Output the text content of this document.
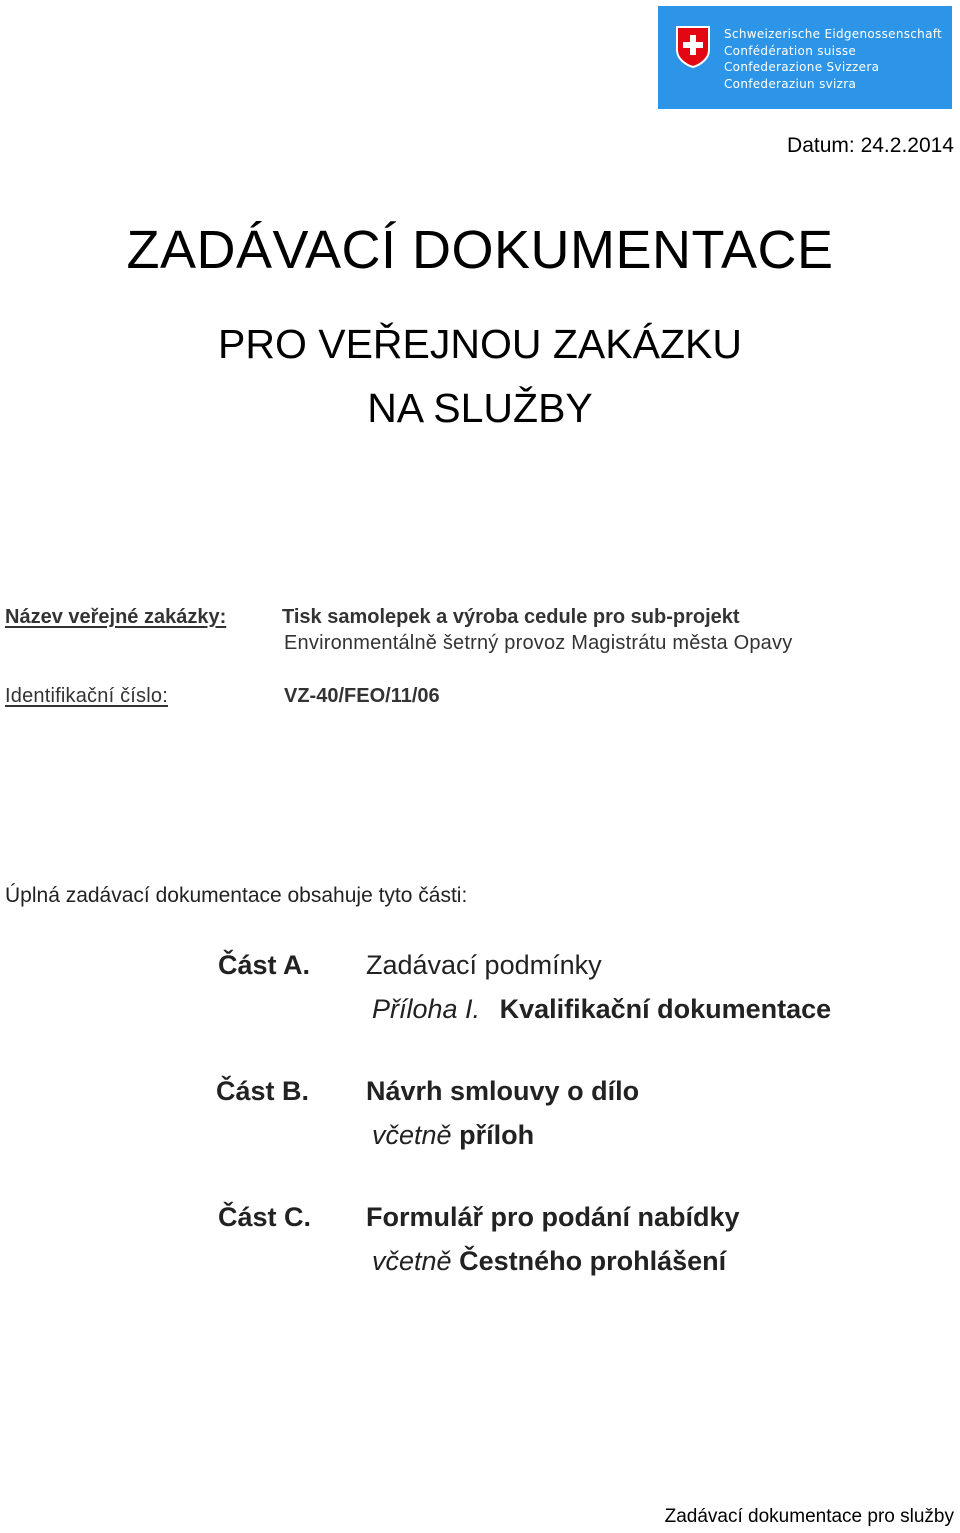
Schweizerische Eidgenossenschaft
Confédération suisse
Confederazione Svizzera
Confederaziun svizra
Datum: 24.2.2014
ZADÁVACÍ DOKUMENTACE
PRO VEŘEJNOU ZAKÁZKU
NA SLUŽBY
Název veřejné zakázky:	Tisk samolepek a výroba cedule pro sub-projekt
Environmentálně šetrný provoz Magistrátu města Opavy
Identifikační číslo:	VZ-40/FEO/11/06
Úplná zadávací dokumentace obsahuje tyto části:
Část A. Zadávací podmínky
Příloha I. Kvalifikační dokumentace
Část B. Návrh smlouvy o dílo
včetně příloh
Část C. Formulář pro podání nabídky
včetně Čestného prohlášení
Zadávací dokumentace pro služby
